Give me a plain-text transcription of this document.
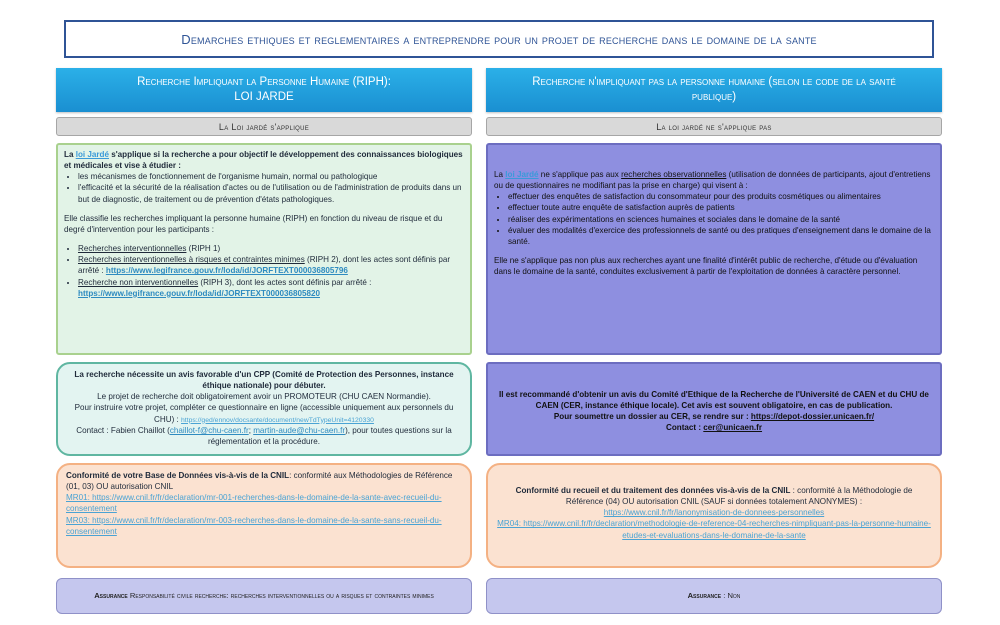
Demarches ethiques et reglementaires a entreprendre pour un projet de recherche dans le domaine de la sante
Recherche Impliquant la Personne Humaine (RIPH):
LOI JARDE
Recherche n'impliquant pas la personne humaine (selon le code de la santé
publique)
La Loi jardé s'applique	La loi jardé ne s'applique pas

La loi Jardé s'applique si la recherche a pour objectif le développement des connaissances biologiques et médicales et vise à étudier :

• les mécanismes de fonctionnement de l'organisme humain, normal ou pathologique
• l'efficacité et la sécurité de la réalisation d'actes ou de l'utilisation ou de l'administration de produits dans un but de diagnostic, de traitement ou de prévention d'états pathologiques.

Elle classifie les recherches impliquant la personne humaine (RIPH) en fonction du niveau de risque et du degré d'intervention pour les participants :

• Recherches interventionnelles (RIPH 1)
• Recherches interventionnelles à risques et contraintes minimes (RIPH 2), dont les actes sont définis par arrêté : https://www.legifrance.gouv.fr/loda/id/JORFTEXT000036805796
• Recherche non interventionnelles (RIPH 3), dont les actes sont définis par arrêté :
https://www.legifrance.gouv.fr/loda/id/JORFTEXT000036805820

La loi Jardé ne s'applique pas aux recherches observationnelles (utilisation de données de participants, ajout d'entretiens ou de questionnaires ne modifiant pas la prise en charge) qui visent à :

• effectuer des enquêtes de satisfaction du consommateur pour des produits cosmétiques ou alimentaires
• effectuer toute autre enquête de satisfaction auprès de patients
• réaliser des expérimentations en sciences humaines et sociales dans le domaine de la santé
• évaluer des modalités d'exercice des professionnels de santé ou des pratiques d'enseignement dans le domaine de la santé.

Elle ne s'applique pas non plus aux recherches ayant une finalité d'intérêt public de recherche, d'étude ou d'évaluation dans le domaine de la santé, conduites exclusivement à partir de l'exploitation de données à caractère personnel.

La recherche nécessite un avis favorable d'un CPP (Comité de Protection des Personnes, instance éthique nationale) pour débuter.

Le projet de recherche doit obligatoirement avoir un PROMOTEUR (CHU CAEN Normandie).

Pour instruire votre projet, compléter ce questionnaire en ligne (accessible uniquement aux personnels du CHU) : https://ged/ennov/docsante/document/newTdTypeUnit=4120330

Contact : Fabien Chaillot (chaillot-f@chu-caen.fr; martin-aude@chu-caen.fr), pour toutes questions sur la réglementation et la procédure.

Il est recommandé d'obtenir un avis du Comité d'Ethique de la Recherche de l'Université de CAEN et du CHU de CAEN (CER, instance éthique locale). Cet avis est souvent obligatoire, en cas de publication.

Pour soumettre un dossier au CER, se rendre sur : https://depot-dossier.unicaen.fr/

Contact : cer@unicaen.fr

Conformité de votre Base de Données vis-à-vis de la CNIL: conformité aux Méthodologies de Référence (01, 03) OU autorisation CNIL

MR01: https://www.cnil.fr/fr/declaration/mr-001-recherches-dans-le-domaine-de-la-sante-avec-recueil-du-consentement

MR03: https://www.cnil.fr/fr/declaration/mr-003-recherches-dans-le-domaine-de-la-sante-sans-recueil-du-consentement

Conformité du recueil et du traitement des données vis-à-vis de la CNIL : conformité à la Méthodologie de Référence (04) OU autorisation CNIL (SAUF si données totalement ANONYMES) :

https://www.cnil.fr/fr/lanonymisation-de-donnees-personnelles

MR04: https://www.cnil.fr/fr/declaration/methodologie-de-reference-04-recherches-nimpliquant-pas-la-personne-humaine-etudes-et-evaluations-dans-le-domaine-de-la-sante

Assurance Responsabilité civile recherche: recherches interventionnelles ou a risques et contraintes minimes	Assurance : Non
